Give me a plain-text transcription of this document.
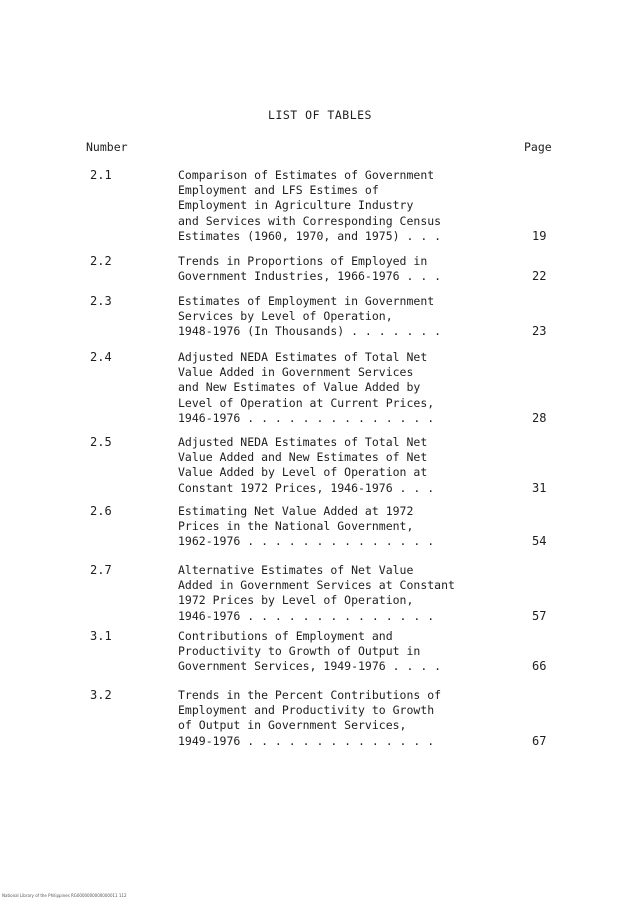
LIST OF TABLES
Number	Page
2.1	Comparison of Estimates of Government
Employment and LFS Estimes of
Employment in Agriculture Industry
and Services with Corresponding Census
Estimates (1960, 1970, and 1975) . . .	19
2.2	Trends in Proportions of Employed in
Government Industries, 1966-1976 . . .	22
2.3	Estimates of Employment in Government
Services by Level of Operation,
1948-1976 (In Thousands) . . . . . . .	23
2.4	Adjusted NEDA Estimates of Total Net
Value Added in Government Services
and New Estimates of Value Added by
Level of Operation at Current Prices,
1946-1976 . . . . . . . . . . . . . .	28
2.5	Adjusted NEDA Estimates of Total Net
Value Added and New Estimates of Net
Value Added by Level of Operation at
Constant 1972 Prices, 1946-1976 . . .	31
2.6	Estimating Net Value Added at 1972
Prices in the National Government,
1962-1976 . . . . . . . . . . . . . .	54
2.7	Alternative Estimates of Net Value
Added in Government Services at Constant
1972 Prices by Level of Operation,
1946-1976 . . . . . . . . . . . . . .	57
3.1	Contributions of Employment and
Productivity to Growth of Output in
Government Services, 1949-1976 . . . .	66
3.2	Trends in the Percent Contributions of
Employment and Productivity to Growth
of Output in Government Services,
1949-1976 . . . . . . . . . . . . . .	67
National Library of the Philippines RG0000000000000011 112
